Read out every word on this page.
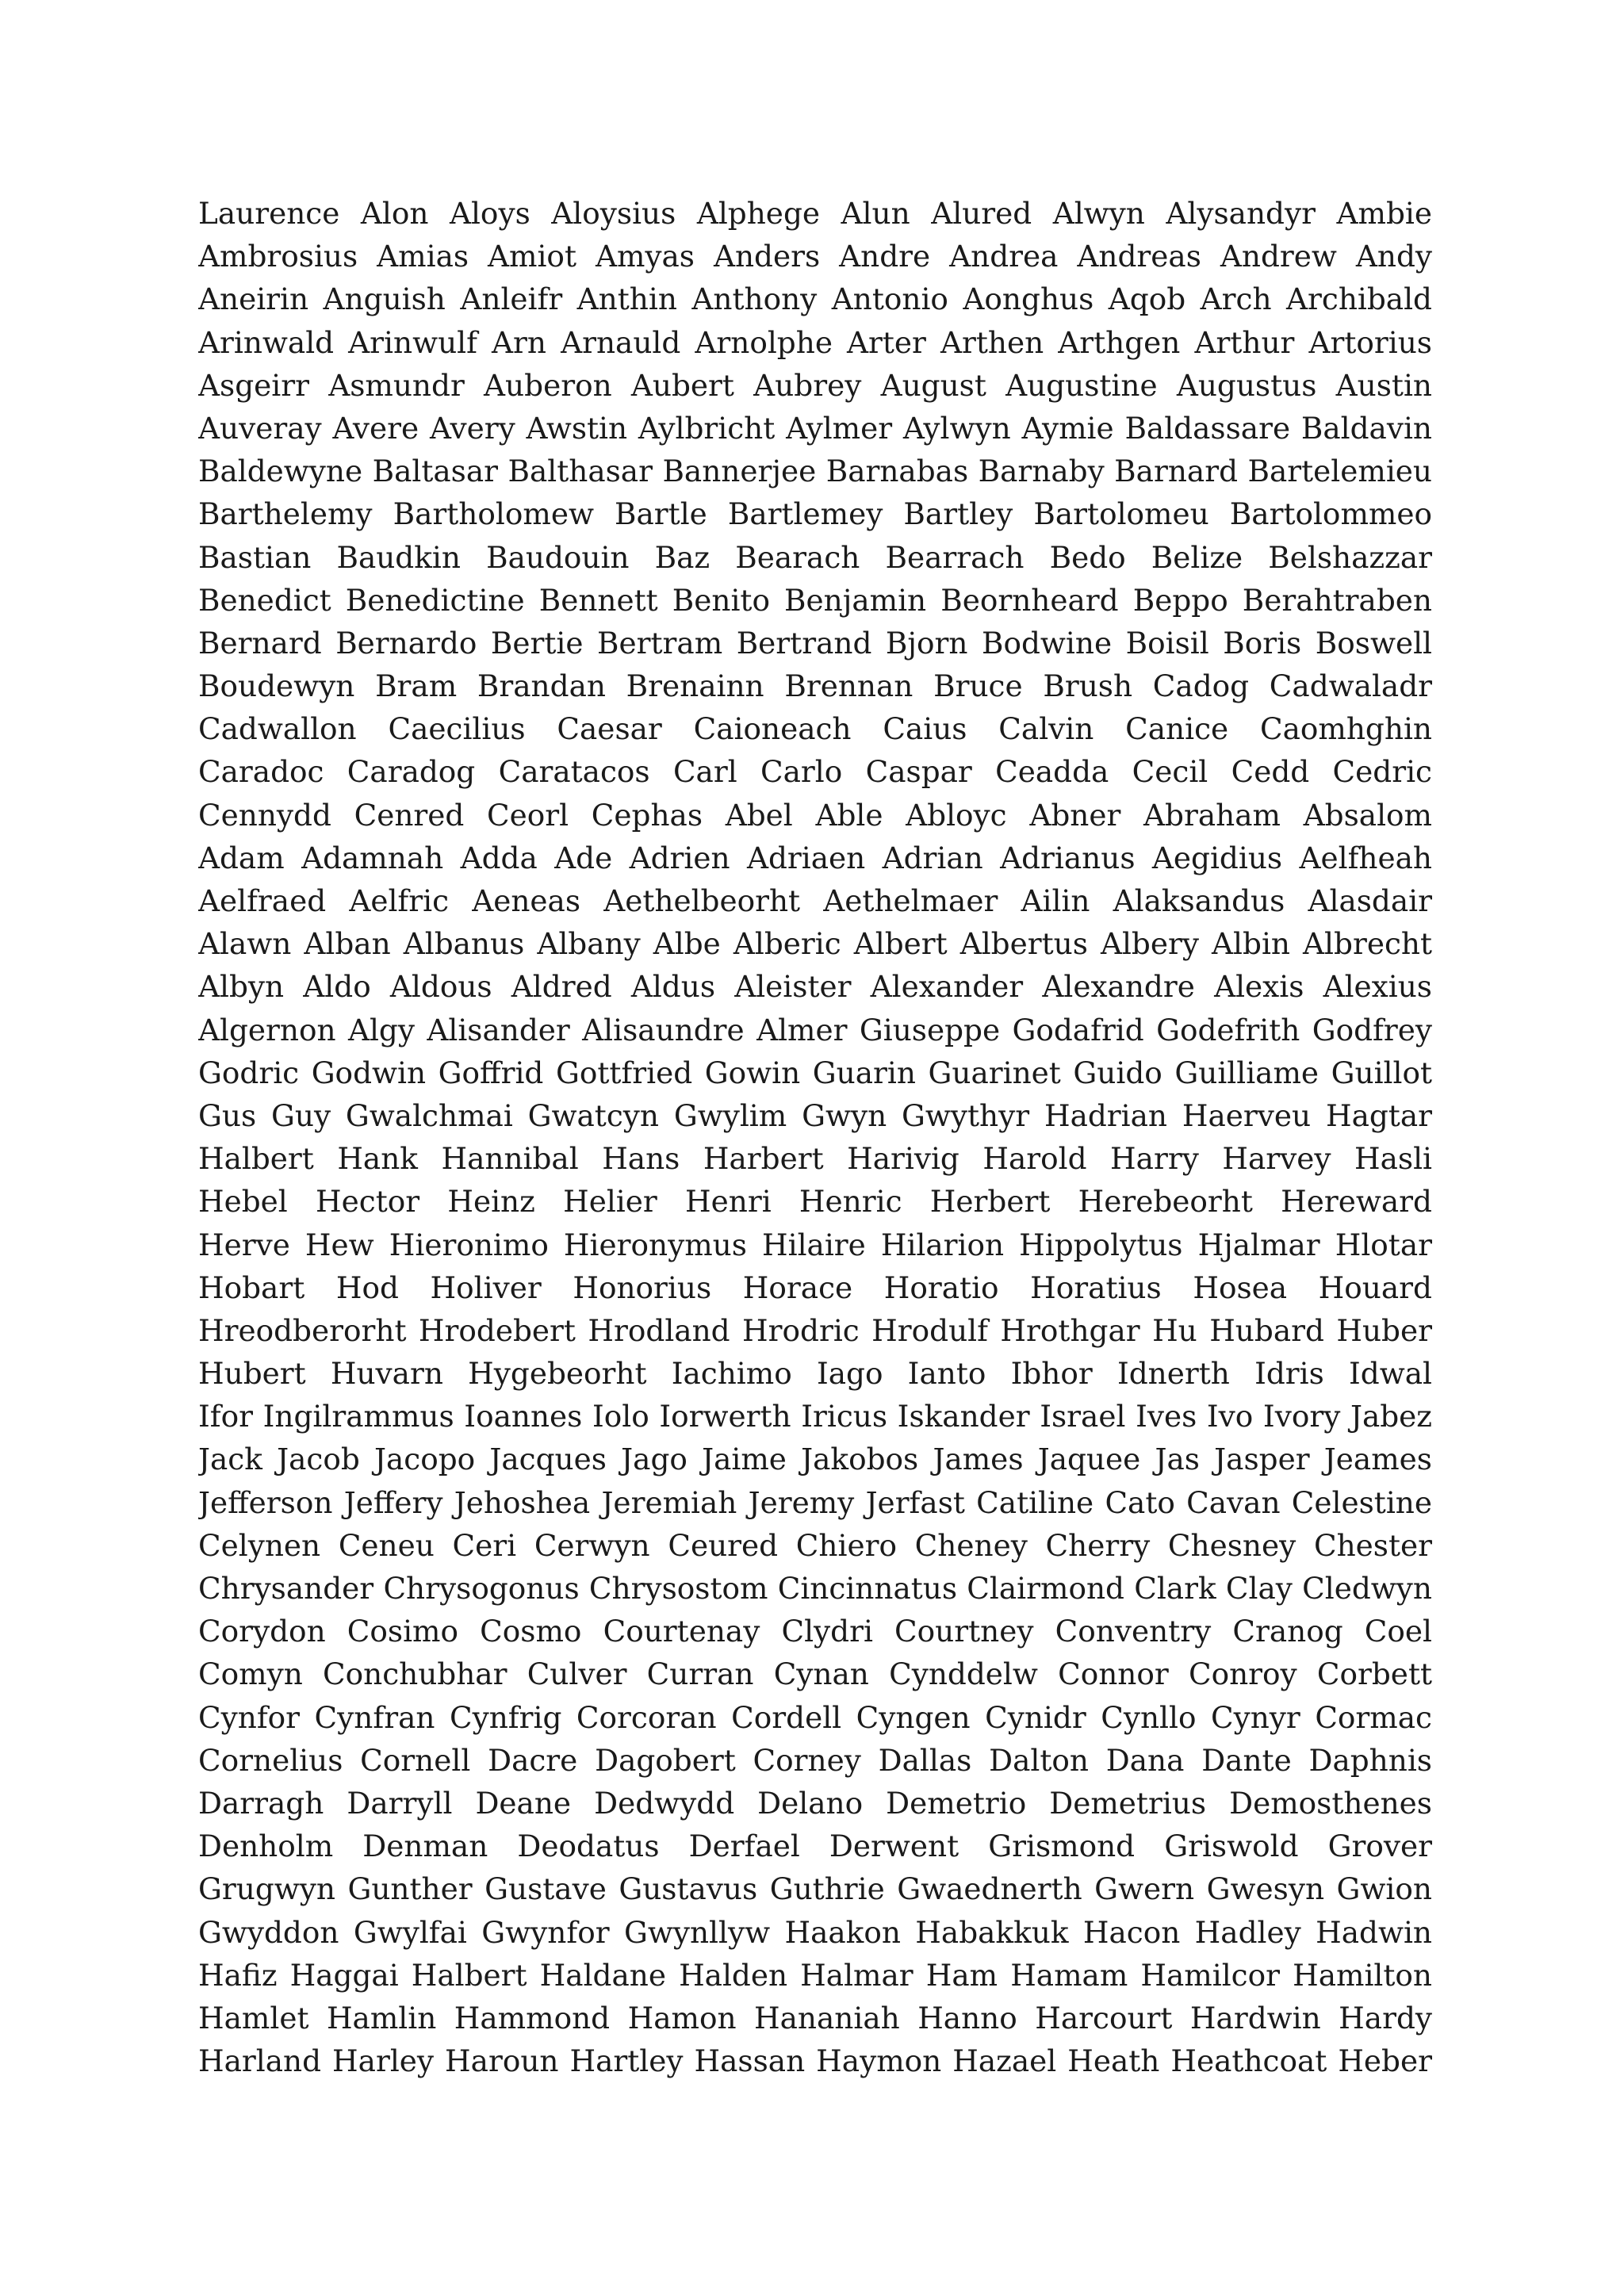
Laurence Alon Aloys Aloysius Alphege Alun Alured Alwyn Alysandyr Ambie
Ambrosius Amias Amiot Amyas Anders Andre Andrea Andreas Andrew Andy
Aneirin Anguish Anleifr Anthin Anthony Antonio Aonghus Aqob Arch Archibald
Arinwald Arinwulf Arn Arnauld Arnolphe Arter Arthen Arthgen Arthur Artorius
Asgeirr Asmundr Auberon Aubert Aubrey August Augustine Augustus Austin
Auveray Avere Avery Awstin Aylbricht Aylmer Aylwyn Aymie Baldassare Baldavin
Baldewyne Baltasar Balthasar Bannerjee Barnabas Barnaby Barnard Bartelemieu
Barthelemy Bartholomew Bartle Bartlemey Bartley Bartolomeu Bartolommeo
Bastian Baudkin Baudouin Baz Bearach Bearrach Bedo Belize Belshazzar
Benedict Benedictine Bennett Benito Benjamin Beornheard Beppo Berahtraben
Bernard Bernardo Bertie Bertram Bertrand Bjorn Bodwine Boisil Boris Boswell
Boudewyn Bram Brandan Brenainn Brennan Bruce Brush Cadog Cadwaladr
Cadwallon Caecilius Caesar Caioneach Caius Calvin Canice Caomhghin
Caradoc Caradog Caratacos Carl Carlo Caspar Ceadda Cecil Cedd Cedric
Cennydd Cenred Ceorl Cephas Abel Able Abloyc Abner Abraham Absalom
Adam Adamnah Adda Ade Adrien Adriaen Adrian Adrianus Aegidius Aelfheah
Aelfraed Aelfric Aeneas Aethelbeorht Aethelmaer Ailin Alaksandus Alasdair
Alawn Alban Albanus Albany Albe Alberic Albert Albertus Albery Albin Albrecht
Albyn Aldo Aldous Aldred Aldus Aleister Alexander Alexandre Alexis Alexius
Algernon Algy Alisander Alisaundre Almer Giuseppe Godafrid Godefrith Godfrey
Godric Godwin Goffrid Gottfried Gowin Guarin Guarinet Guido Guilliame Guillot
Gus Guy Gwalchmai Gwatcyn Gwylim Gwyn Gwythyr Hadrian Haerveu Hagtar
Halbert Hank Hannibal Hans Harbert Harivig Harold Harry Harvey Hasli
Hebel Hector Heinz Helier Henri Henric Herbert Herebeorht Hereward
Herve Hew Hieronimo Hieronymus Hilaire Hilarion Hippolytus Hjalmar Hlotar
Hobart Hod Holiver Honorius Horace Horatio Horatius Hosea Houard
Hreodberorht Hrodebert Hrodland Hrodric Hrodulf Hrothgar Hu Hubard Huber
Hubert Huvarn Hygebeorht Iachimo Iago Ianto Ibhor Idnerth Idris Idwal
Ifor Ingilrammus Ioannes Iolo Iorwerth Iricus Iskander Israel Ives Ivo Ivory Jabez
Jack Jacob Jacopo Jacques Jago Jaime Jakobos James Jaquee Jas Jasper Jeames
Jefferson Jeffery Jehoshea Jeremiah Jeremy Jerfast Catiline Cato Cavan Celestine
Celynen Ceneu Ceri Cerwyn Ceured Chiero Cheney Cherry Chesney Chester
Chrysander Chrysogonus Chrysostom Cincinnatus Clairmond Clark Clay Cledwyn
Corydon Cosimo Cosmo Courtenay Clydri Courtney Conventry Cranog Coel
Comyn Conchubhar Culver Curran Cynan Cynddelw Connor Conroy Corbett
Cynfor Cynfran Cynfrig Corcoran Cordell Cyngen Cynidr Cynllo Cynyr Cormac
Cornelius Cornell Dacre Dagobert Corney Dallas Dalton Dana Dante Daphnis
Darragh Darryll Deane Dedwydd Delano Demetrio Demetrius Demosthenes
Denholm Denman Deodatus Derfael Derwent Grismond Griswold Grover
Grugwyn Gunther Gustave Gustavus Guthrie Gwaednerth Gwern Gwesyn Gwion
Gwyddon Gwylfai Gwynfor Gwynllyw Haakon Habakkuk Hacon Hadley Hadwin
Hafiz Haggai Halbert Haldane Halden Halmar Ham Hamam Hamilcor Hamilton
Hamlet Hamlin Hammond Hamon Hananiah Hanno Harcourt Hardwin Hardy
Harland Harley Haroun Hartley Hassan Haymon Hazael Heath Heathcoat Heber
